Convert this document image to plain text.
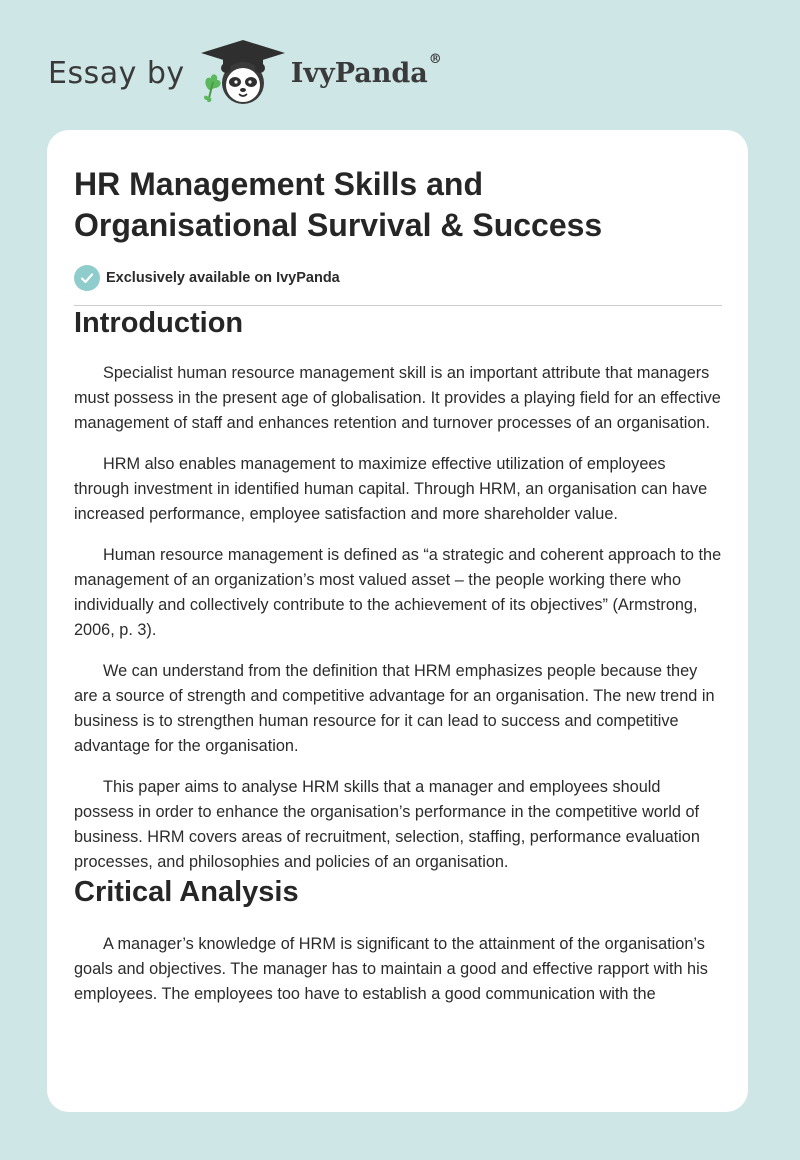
Essay by	IvyPanda®
HR Management Skills and
Organisational Survival & Success
Exclusively available on IvyPanda
Introduction

Specialist human resource management skill is an important attribute that managers must possess in the present age of globalisation. It provides a playing field for an effective management of staff and enhances retention and turnover processes of an organisation.

HRM also enables management to maximize effective utilization of employees through investment in identified human capital. Through HRM, an organisation can have increased performance, employee satisfaction and more shareholder value.

Human resource management is defined as “a strategic and coherent approach to the management of an organization’s most valued asset – the people working there who individually and collectively contribute to the achievement of its objectives” (Armstrong, 2006, p. 3).

We can understand from the definition that HRM emphasizes people because they are a source of strength and competitive advantage for an organisation. The new trend in business is to strengthen human resource for it can lead to success and competitive advantage for the organisation.

This paper aims to analyse HRM skills that a manager and employees should possess in order to enhance the organisation’s performance in the competitive world of business. HRM covers areas of recruitment, selection, staffing, performance evaluation processes, and philosophies and policies of an organisation.

Critical Analysis

A manager’s knowledge of HRM is significant to the attainment of the organisation’s goals and objectives. The manager has to maintain a good and effective rapport with his employees. The employees too have to establish a good communication with the
